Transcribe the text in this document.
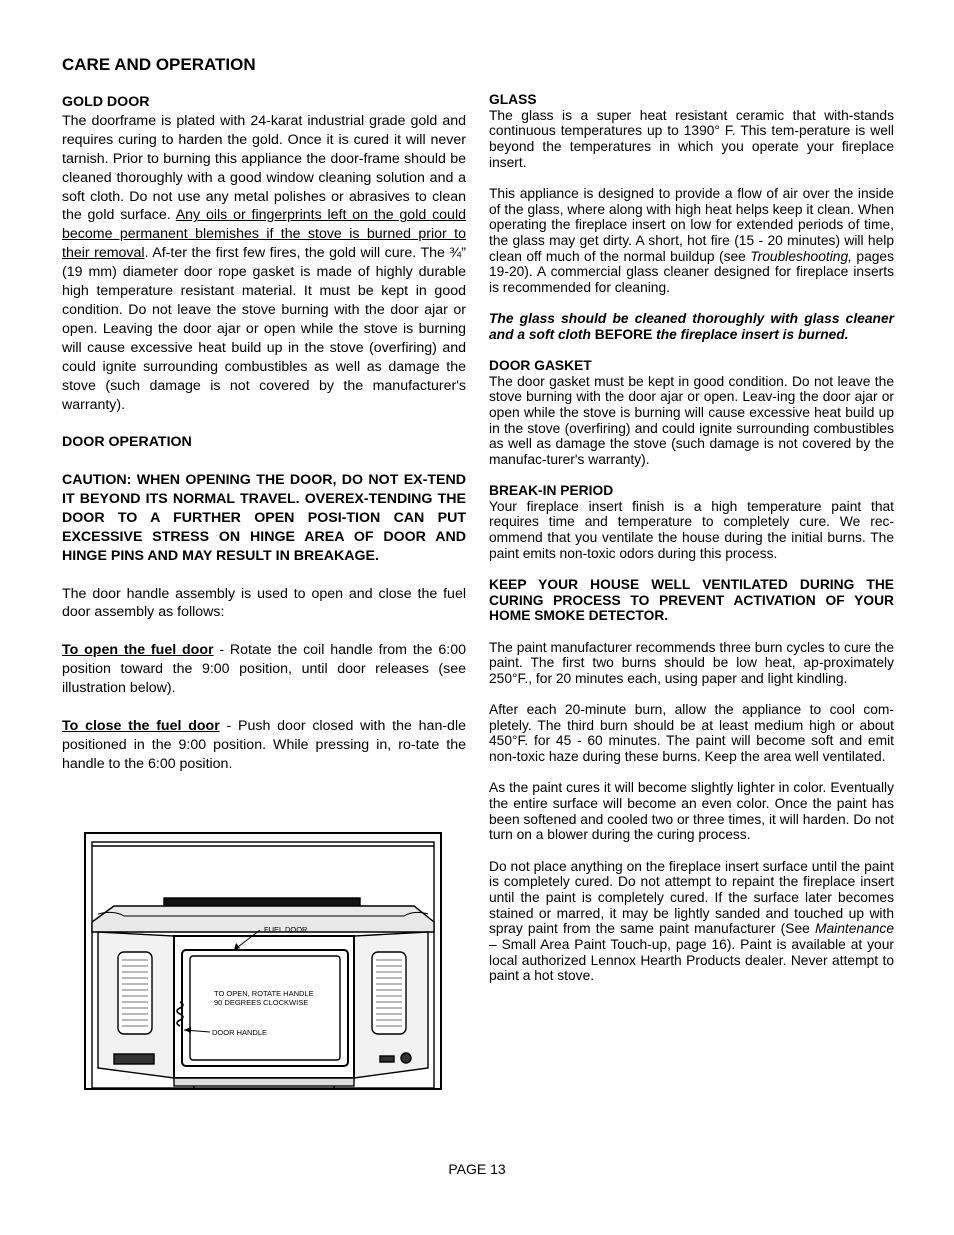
CARE AND OPERATION

GOLD DOOR
The doorframe is plated with 24-karat industrial grade gold and requires curing to harden the gold. Once it is cured it will never tarnish. Prior to burning this appliance the door-frame should be cleaned thoroughly with a good window cleaning solution and a soft cloth. Do not use any metal polishes or abrasives to clean the gold surface. Any oils or fingerprints left on the gold could become permanent blemishes if the stove is burned prior to their removal. Af-ter the first few fires, the gold will cure. The ¾” (19 mm) diameter door rope gasket is made of highly durable high temperature resistant material. It must be kept in good condition. Do not leave the stove burning with the door ajar or open. Leaving the door ajar or open while the stove is burning will cause excessive heat build up in the stove (overfiring) and could ignite surrounding combustibles as well as damage the stove (such damage is not covered by the manufacturer's warranty).

DOOR OPERATION

CAUTION: WHEN OPENING THE DOOR, DO NOT EX-TEND IT BEYOND ITS NORMAL TRAVEL. OVEREX-TENDING THE DOOR TO A FURTHER OPEN POSI-TION CAN PUT EXCESSIVE STRESS ON HINGE AREA OF DOOR AND HINGE PINS AND MAY RESULT IN BREAKAGE.

The door handle assembly is used to open and close the fuel door assembly as follows:

To open the fuel door - Rotate the coil handle from the 6:00 position toward the 9:00 position, until door releases (see illustration below).

To close the fuel door - Push door closed with the han-dle positioned in the 9:00 position. While pressing in, ro-tate the handle to the 6:00 position.

FUEL DOOR
TO OPEN, ROTATE HANDLE
90 DEGREES CLOCKWISE
DOOR HANDLE

GLASS
The glass is a super heat resistant ceramic that with-stands continuous temperatures up to 1390° F. This tem-perature is well beyond the temperatures in which you operate your fireplace insert.

This appliance is designed to provide a flow of air over the inside of the glass, where along with high heat helps keep it clean. When operating the fireplace insert on low for extended periods of time, the glass may get dirty. A short, hot fire (15 - 20 minutes) will help clean off much of the normal buildup (see Troubleshooting, pages 19-20). A commercial glass cleaner designed for fireplace inserts is recommended for cleaning.

The glass should be cleaned thoroughly with glass cleaner and a soft cloth BEFORE the fireplace insert is burned.

DOOR GASKET
The door gasket must be kept in good condition. Do not leave the stove burning with the door ajar or open. Leav-ing the door ajar or open while the stove is burning will cause excessive heat build up in the stove (overfiring) and could ignite surrounding combustibles as well as damage the stove (such damage is not covered by the manufac-turer's warranty).

BREAK-IN PERIOD
Your fireplace insert finish is a high temperature paint that requires time and temperature to completely cure. We rec-ommend that you ventilate the house during the initial burns. The paint emits non-toxic odors during this process.

KEEP YOUR HOUSE WELL VENTILATED DURING THE CURING PROCESS TO PREVENT ACTIVATION OF YOUR HOME SMOKE DETECTOR.

The paint manufacturer recommends three burn cycles to cure the paint. The first two burns should be low heat, ap-proximately 250°F., for 20 minutes each, using paper and light kindling.

After each 20-minute burn, allow the appliance to cool com-pletely. The third burn should be at least medium high or about 450°F. for 45 - 60 minutes. The paint will become soft and emit non-toxic haze during these burns. Keep the area well ventilated.

As the paint cures it will become slightly lighter in color. Eventually the entire surface will become an even color. Once the paint has been softened and cooled two or three times, it will harden. Do not turn on a blower during the curing process.

Do not place anything on the fireplace insert surface until the paint is completely cured. Do not attempt to repaint the fireplace insert until the paint is completely cured. If the surface later becomes stained or marred, it may be lightly sanded and touched up with spray paint from the same paint manufacturer (See Maintenance – Small Area Paint Touch-up, page 16). Paint is available at your local authorized Lennox Hearth Products dealer. Never attempt to paint a hot stove.

PAGE 13
